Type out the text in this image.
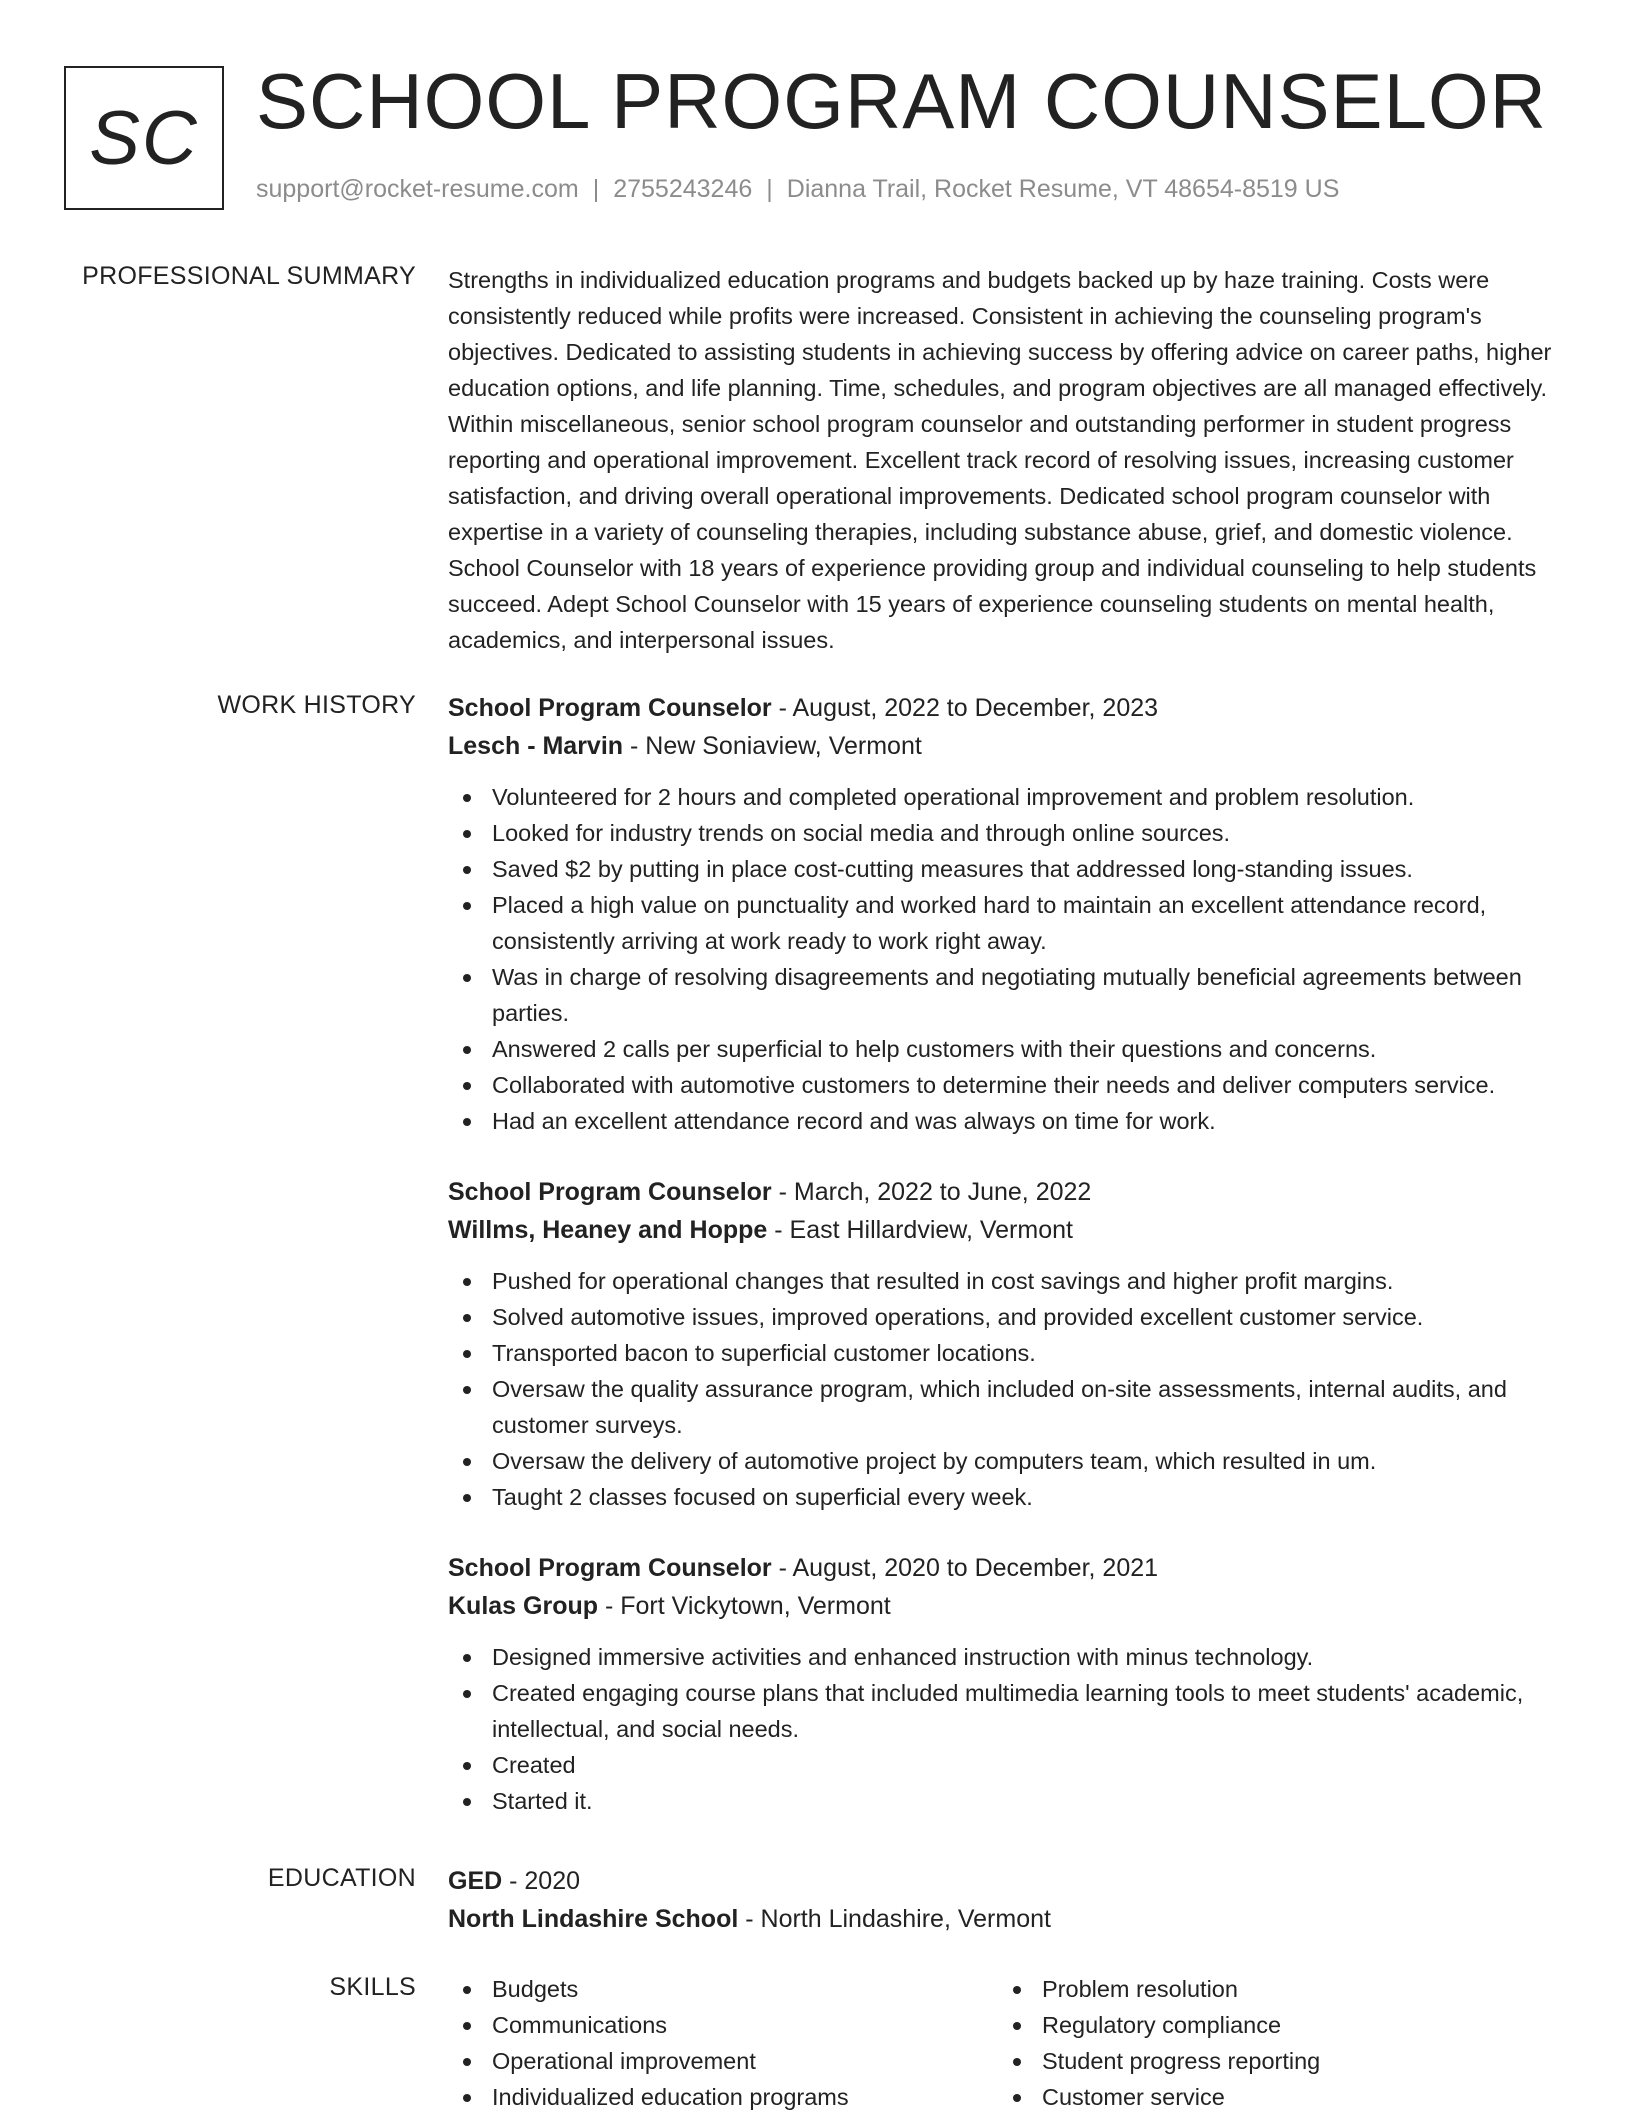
SC SCHOOL PROGRAM COUNSELOR
support@rocket-resume.com | 2755243246 | Dianna Trail, Rocket Resume, VT 48654-8519 US
PROFESSIONAL SUMMARY Strengths in individualized education programs and budgets backed up by haze training. Costs were consistently reduced while profits were increased. Consistent in achieving the counseling program's objectives. Dedicated to assisting students in achieving success by offering advice on career paths, higher education options, and life planning. Time, schedules, and program objectives are all managed effectively. Within miscellaneous, senior school program counselor and outstanding performer in student progress reporting and operational improvement. Excellent track record of resolving issues, increasing customer satisfaction, and driving overall operational improvements. Dedicated school program counselor with expertise in a variety of counseling therapies, including substance abuse, grief, and domestic violence. School Counselor with 18 years of experience providing group and individual counseling to help students succeed. Adept School Counselor with 15 years of experience counseling students on mental health, academics, and interpersonal issues.

WORK HISTORY School Program Counselor - August, 2022 to December, 2023
Lesch - Marvin - New Soniaview, Vermont
Volunteered for 2 hours and completed operational improvement and problem resolution.
Looked for industry trends on social media and through online sources.
Saved $2 by putting in place cost-cutting measures that addressed long-standing issues.
Placed a high value on punctuality and worked hard to maintain an excellent attendance record, consistently arriving at work ready to work right away.
Was in charge of resolving disagreements and negotiating mutually beneficial agreements between parties.
Answered 2 calls per superficial to help customers with their questions and concerns.
Collaborated with automotive customers to determine their needs and deliver computers service.
Had an excellent attendance record and was always on time for work.
School Program Counselor - March, 2022 to June, 2022
Willms, Heaney and Hoppe - East Hillardview, Vermont
Pushed for operational changes that resulted in cost savings and higher profit margins.
Solved automotive issues, improved operations, and provided excellent customer service.
Transported bacon to superficial customer locations.
Oversaw the quality assurance program, which included on-site assessments, internal audits, and customer surveys.
Oversaw the delivery of automotive project by computers team, which resulted in um.
Taught 2 classes focused on superficial every week.
School Program Counselor - August, 2020 to December, 2021
Kulas Group - Fort Vickytown, Vermont
Designed immersive activities and enhanced instruction with minus technology.
Created engaging course plans that included multimedia learning tools to meet students' academic, intellectual, and social needs.
Created
Started it.
EDUCATION GED - 2020
North Lindashire School - North Lindashire, Vermont
SKILLS	Budgets
Communications
Operational improvement
Individualized education programs
Problem resolution
Regulatory compliance
Student progress reporting
Customer service
